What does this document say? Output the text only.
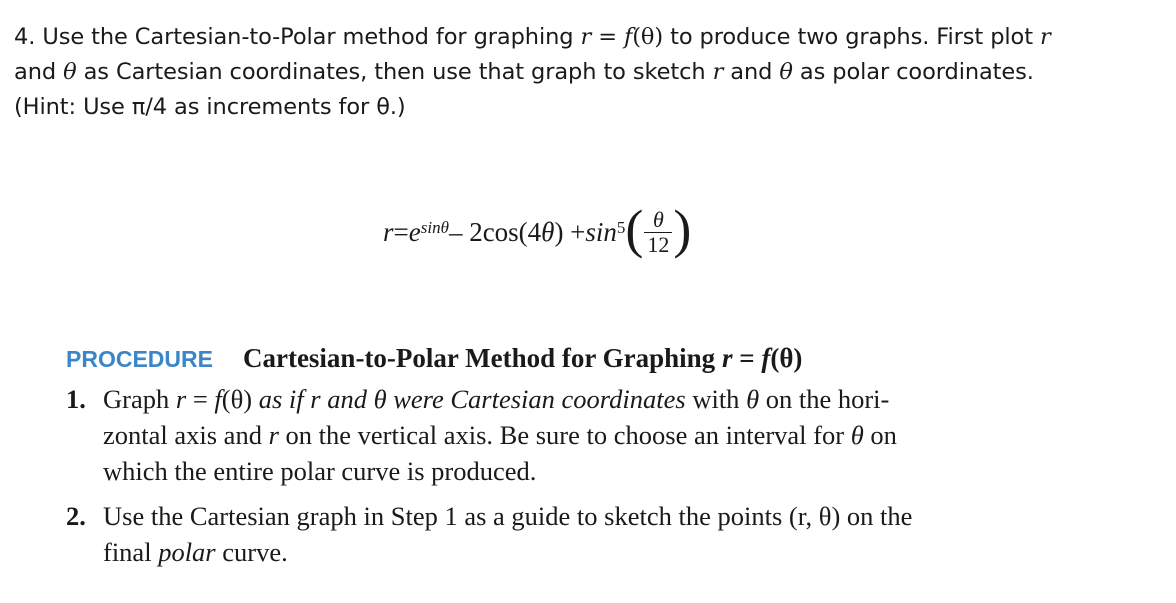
4. Use the Cartesian-to-Polar method for graphing r = f(θ) to produce two graphs. First plot r
and θ as Cartesian coordinates, then use that graph to sketch r and θ as polar coordinates.
(Hint: Use π/4 as increments for θ.)
$r = e^{sin\theta} - 2\cos(4$ θ ) + $\sin^5$ ( $\frac{\theta}{12}$ )
PROCEDURE Cartesian-to-Polar Method for Graphing r = f(θ)
1. Graph r = f(θ) as if r and θ were Cartesian coordinates with θ on the hori-
zontal axis and r on the vertical axis. Be sure to choose an interval for θ on
which the entire polar curve is produced.
2. Use the Cartesian graph in Step 1 as a guide to sketch the points (r, θ) on the
final polar curve.
